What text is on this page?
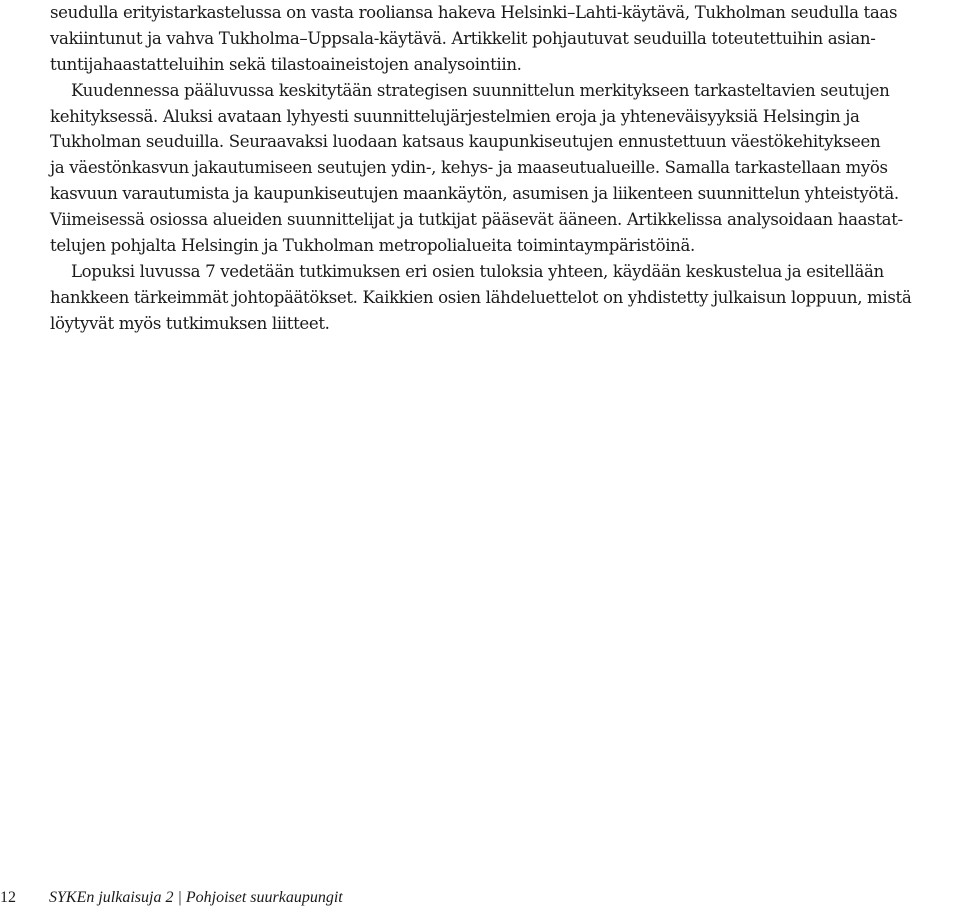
seudulla erityistarkastelussa on vasta rooliansa hakeva Helsinki–Lahti-käytävä, Tukholman seudulla taas
vakiintunut ja vahva Tukholma–Uppsala-käytävä. Artikkelit pohjautuvat seuduilla toteutettuihin asian-
tuntijahaastatteluihin sekä tilastoaineistojen analysointiin.
Kuudennessa pääluvussa keskitytään strategisen suunnittelun merkitykseen tarkasteltavien seutujen
kehityksessä. Aluksi avataan lyhyesti suunnittelujärjestelmien eroja ja yhteneväisyyksiä Helsingin ja
Tukholman seuduilla. Seuraavaksi luodaan katsaus kaupunkiseutujen ennustettuun väestökehitykseen
ja väestönkasvun jakautumiseen seutujen ydin-, kehys- ja maaseutualueille. Samalla tarkastellaan myös
kasvuun varautumista ja kaupunkiseutujen maankäytön, asumisen ja liikenteen suunnittelun yhteistyötä.
Viimeisessä osiossa alueiden suunnittelijat ja tutkijat pääsevät ääneen. Artikkelissa analysoidaan haastat-
telujen pohjalta Helsingin ja Tukholman metropolialueita toimintaympäristöinä.
Lopuksi luvussa 7 vedetään tutkimuksen eri osien tuloksia yhteen, käydään keskustelua ja esitellään
hankkeen tärkeimmät johtopäätökset. Kaikkien osien lähdeluettelot on yhdistetty julkaisun loppuun, mistä
löytyvät myös tutkimuksen liitteet.
12 SYKEn julkaisuja 2 | Pohjoiset suurkaupungit
